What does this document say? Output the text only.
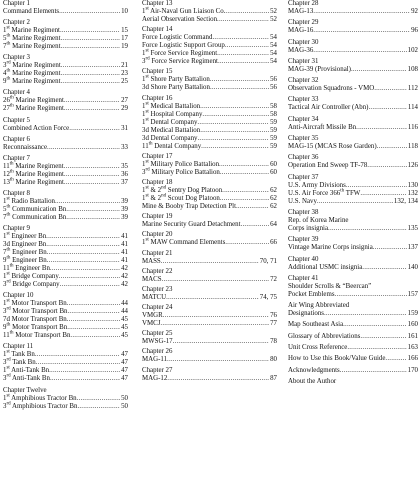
Chapter 1
Command Elements .....	10
Chapter 2
1st Marine Regiment .....	15
5th Marine Regiment .....	17
7th Marine Regiment .....	19
Chapter 3
3rd Marine Regiment .....	21
4th Marine Regiment .....	23
9th Marine Regiment .....	25
Chapter 4
26th Marine Regiment .....	27
27th Marine Regiment .....	29
Chapter 5
Combined Action Force .....	31
Chapter 6
Reconnaissance .....	33
Chapter 7
11th Marine Regiment .....	35
12th Marine Regiment .....	36
13th Marine Regiment .....	37
Chapter 8
1st Radio Battalion .....	39
5th Communication Bn .....	39
7th Communication Bn .....	39
Chapter 9
1st Engineer Bn .....	41
3d Engineer Bn .....	41
7th Engineer Bn .....	41
9th Engineer Bn .....	41
11th Engineer Bn .....	42
1st Bridge Company .....	42
3rd Bridge Company .....	42
Chapter 10
1st Motor Transport Bn .....	44
3rd Motor Transport Bn .....	44
7d Motor Transport Bn .....	45
9th Motor Transport Bn .....	45
11th Motor Transport Bn .....	45
Chapter 11
1st Tank Bn .....	47
3rd Tank Bn .....	47
1st Anti-Tank Bn .....	47
3rd Anti-Tank Bn .....	47
Chapter Twelve
1st Amphibious Tractor Bn .....	50
3rd Amphibious Tractor Bn .....	50
Chapter 13
1st Air-Naval Gun Liaison Co. .....	52
Aerial Observation Section .....	52
Chapter 14
Force Logistic Command .....	54
Force Logistic Support Group .....	54
1st Force Service Regiment .....	54
3rd Force Service Regiment .....	54
Chapter 15
1st Shore Party Battalion .....	56
3d Shore Party Battalion .....	56
Chapter 16
1st Medical Battalion .....	58
1st Hospital Company .....	58
1st Dental Company .....	59
3d Medical Battalion .....	59
3d Dental Company .....	59
11th Dental Company .....	59
Chapter 17
1st Military Police Battalion .....	60
3rd Military Police Battalion .....	60
Chapter 18
1st & 2nd Sentry Dog Platoon .....	62
1st & 2nd Scout Dog Platoon .....	62
Mine & Booby Trap Detection Plt .....	62
Chapter 19
Marine Security Guard Detachment .....	64
Chapter 20
1st MAW Command Elements .....	66
Chapter 21
MASS .....	70, 71
Chapter 22
MACS .....	72
Chapter 23
MATCU .....	74, 75
Chapter 24
VMGR .....	76
VMCJ .....	77
Chapter 25
MWSG-17 .....	78
Chapter 26
MAG-11 .....	80
Chapter 27
MAG-12 .....	87
Chapter 28
MAG-13 .....	92
Chapter 29
MAG-16 .....	96
Chapter 30
MAG-36 .....	102
Chapter 31
MAG-39 (Provisional) .....	108
Chapter 32
Observation Squadrons - VMO .....	112
Chapter 33
Tactical Air Controller (Abn) .....	114
Chapter 34
Anti-Aircraft Missile Bn .....	116
Chapter 35
MAG-15 (MCAS Rose Garden) .....	118
Chapter 36
Operation End Sweep TF-78 .....	126
Chapter 37
U.S. Army Divisions .....	130
U.S. Air Force 366th TFW .....	132
U.S. Navy .....	132, 134
Chapter 38
Rep. of Korea Marine
Corps insignia .....	135
Chapter 39
Vintage Marine Corps insignia .....	137
Chapter 40
Additional USMC insignia .....	140
Chapter 41
Shoulder Scrolls & “Beercan”
Pocket Emblems .....	157
Air Wing Abbreviated
Designations .....	159
Map Southeast Asia .....	160
Glossary of Abbreviations .....	161
Unit Cross Reference .....	163
How to Use this Book/Value Guide .....	166
Acknowledgments .....	170
About the Author
